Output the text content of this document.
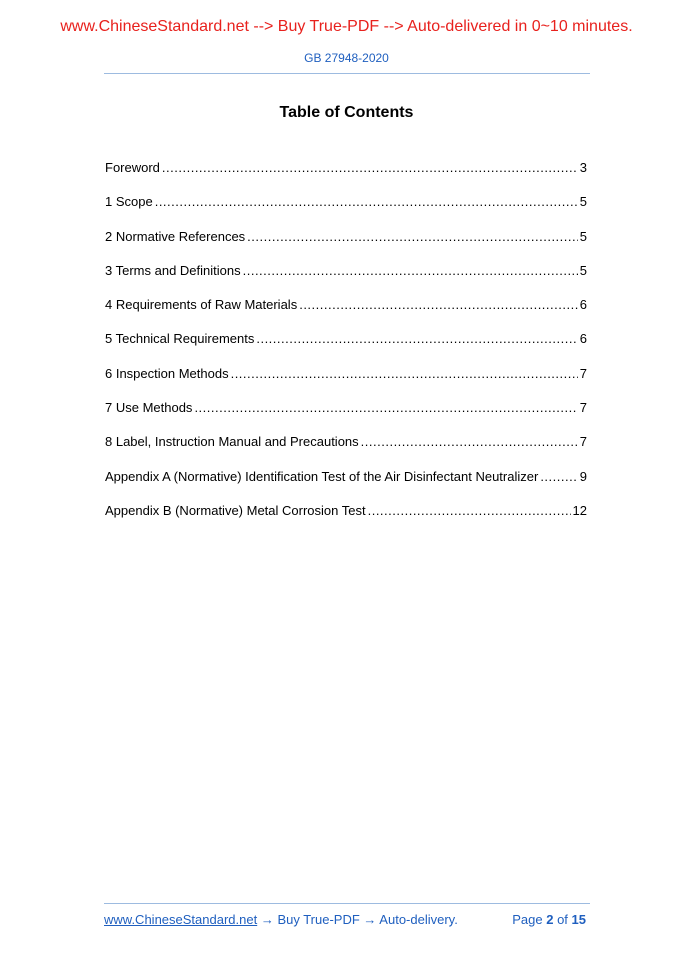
www.ChineseStandard.net --> Buy True-PDF --> Auto-delivered in 0~10 minutes.
GB 27948-2020
Table of Contents
Foreword .....	3
1 Scope .....	5
2 Normative References .....	5
3 Terms and Definitions .....	5
4 Requirements of Raw Materials .....	6
5 Technical Requirements .....	6
6 Inspection Methods .....	7
7 Use Methods .....	7
8 Label, Instruction Manual and Precautions .....	7
Appendix A (Normative) Identification Test of the Air Disinfectant Neutralizer .....	9
Appendix B (Normative) Metal Corrosion Test .....	12
www.ChineseStandard.net → Buy True-PDF → Auto-delivery.	Page 2 of 15
